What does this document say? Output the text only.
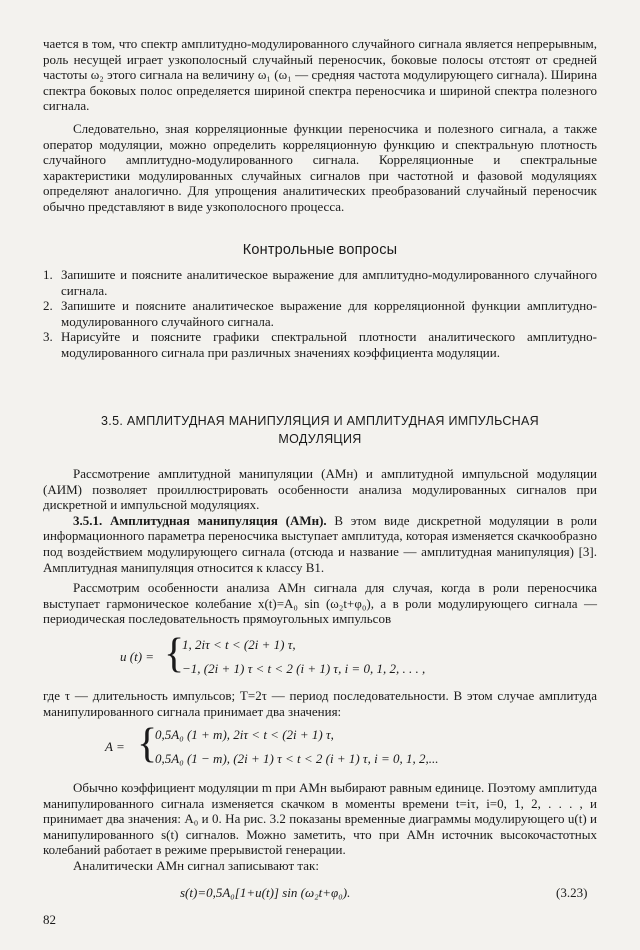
чается в том, что спектр амплитудно-модулированного случайного сигнала является непрерывным, роль несущей играет узкополосный случайный переносчик, боковые полосы отстоят от средней частоты ω₂ этого сигнала на величину ω₁ (ω₁ — средняя частота модулирующего сигнала). Ширина спектра боковых полос определяется шириной спектра переносчика и шириной спектра полезного сигнала.

Следовательно, зная корреляционные функции переносчика и полезного сигнала, а также оператор модуляции, можно определить корреляционную функцию и спектральную плотность случайного амплитудно-модулированного сигнала. Корреляционные и спектральные характеристики модулированных случайных сигналов при частотной и фазовой модуляциях определяют аналогично. Для упрощения аналитических преобразований случайный переносчик обычно представляют в виде узкополосного процесса.

Контрольные вопросы
1. Запишите и поясните аналитическое выражение для амплитудно-модулированного случайного сигнала.
2. Запишите и поясните аналитическое выражение для корреляционной функции амплитудно-модулированного случайного сигнала.
3. Нарисуйте и поясните графики спектральной плотности аналитического амплитудно-модулированного сигнала при различных значениях коэффициента модуляции.
3.5. АМПЛИТУДНАЯ МАНИПУЛЯЦИЯ И АМПЛИТУДНАЯ ИМПУЛЬСНАЯ
МОДУЛЯЦИЯ

Рассмотрение амплитудной манипуляции (АМн) и амплитудной импульсной модуляции (АИМ) позволяет проиллюстрировать особенности анализа модулированных сигналов при дискретной и импульсной модуляциях.

3.5.1. Амплитудная манипуляция (АМн). В этом виде дискретной модуляции в роли информационного параметра переносчика выступает амплитуда, которая изменяется скачкообразно под воздействием модулирующего сигнала (отсюда и название — амплитудная манипуляция) [3]. Амплитудная манипуляция относится к классу В1.

Рассмотрим особенности анализа АМн сигнала для случая, когда в роли переносчика выступает гармоническое колебание x(t)=A₀ sin (ω₂t+φ₀), а в роли модулирующего сигнала — периодическая последовательность прямоугольных импульсов

u (t) = {
1, 2iτ < t < (2i + 1) τ,
−1, (2i + 1) τ < t < 2 (i + 1) τ, i = 0, 1, 2, . . . ,

где τ — длительность импульсов; T=2τ — период последовательности. В этом случае амплитуда манипулированного сигнала принимает два значения:

A = {
0,5A₀ (1 + m), 2iτ < t < (2i + 1) τ,
0,5A₀ (1 − m), (2i + 1) τ < t < 2 (i + 1) τ, i = 0, 1, 2,...

Обычно коэффициент модуляции m при АМн выбирают равным единице. Поэтому амплитуда манипулированного сигнала изменяется скачком в моменты времени t=iτ, i=0, 1, 2, . . . , и принимает два значения: A₀ и 0. На рис. 3.2 показаны временные диаграммы модулирующего u(t) и манипулированного s(t) сигналов. Можно заметить, что при АМн источник высокочастотных колебаний работает в режиме прерывистой генерации.

Аналитически АМн сигнал записывают так:

s(t)=0,5A₀[1+u(t)] sin (ω₂t+φ₀).	(3.23)
82
